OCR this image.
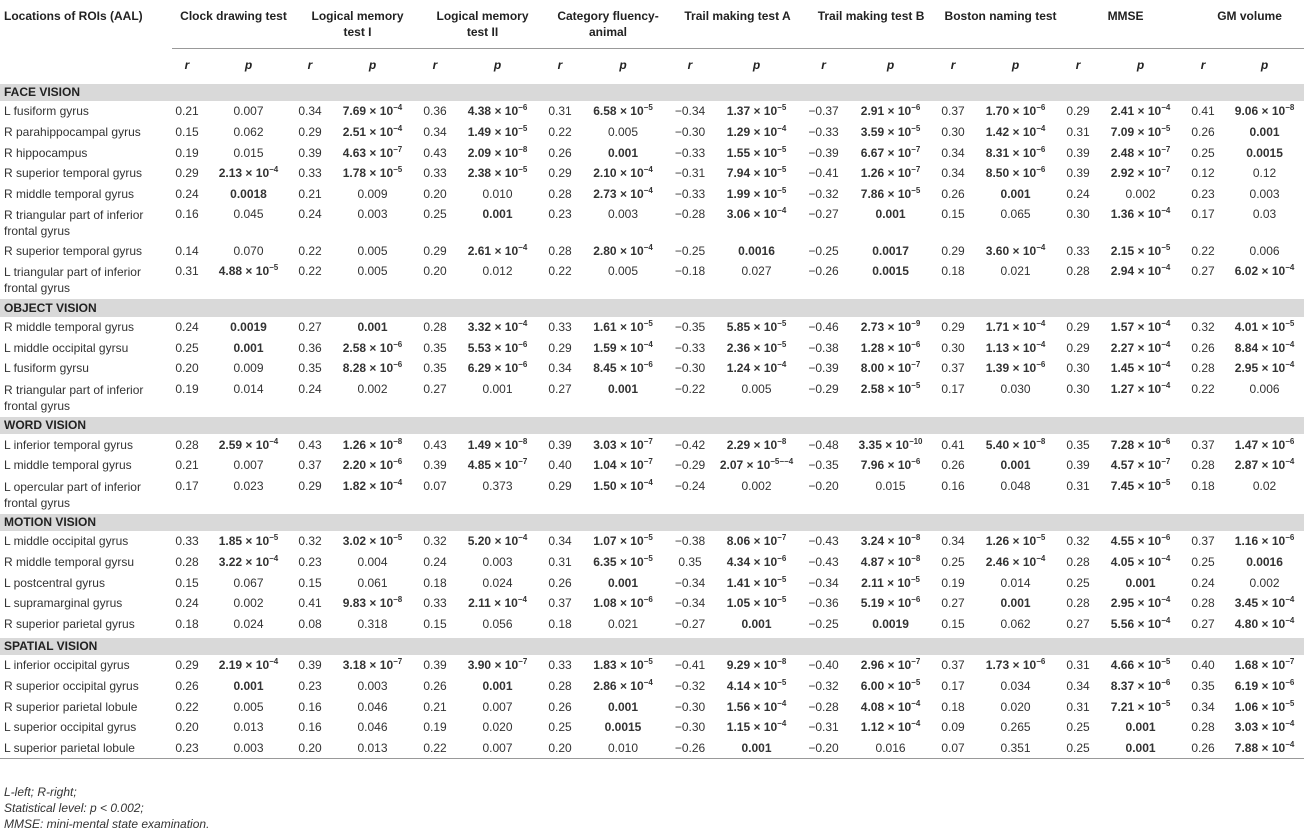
Locations of ROIs (AAL)	Clock drawing test		Logical memory test I		Logical memory test II		Category fluency-animal		Trail making test A		Trail making test B		Boston naming test		MMSE		GM volume	

	r	p	r	p	r	p	r	p	r	p	r	p	r	p	r	p	r	p
FACE VISION																		
L fusiform gyrus	0.21	0.007	0.34	$7.69 \times 10^{-4}$	0.36	$4.38 \times 10^{-6}$	0.31	$6.58 \times 10^{-5}$	−0.34	$1.37 \times 10^{-5}$	−0.37	$2.91 \times 10^{-6}$	0.37	$1.70 \times 10^{-6}$	0.29	$2.41 \times 10^{-4}$	0.41	$9.06 \times 10^{-8}$
R parahippocampal gyrus	0.15	0.062	0.29	$2.51 \times 10^{-4}$	0.34	$1.49 \times 10^{-5}$	0.22	0.005	−0.30	$1.29 \times 10^{-4}$	−0.33	$3.59 \times 10^{-5}$	0.30	$1.42 \times 10^{-4}$	0.31	$7.09 \times 10^{-5}$	0.26	0.001
R hippocampus	0.19	0.015	0.39	$4.63 \times 10^{-7}$	0.43	$2.09 \times 10^{-8}$	0.26	0.001	−0.33	$1.55 \times 10^{-5}$	−0.39	$6.67 \times 10^{-7}$	0.34	$8.31 \times 10^{-6}$	0.39	$2.48 \times 10^{-7}$	0.25	0.0015
R superior temporal gyrus	0.29	$2.13 \times 10^{-4}$	0.33	$1.78 \times 10^{-5}$	0.33	$2.38 \times 10^{-5}$	0.29	$2.10 \times 10^{-4}$	−0.31	$7.94 \times 10^{-5}$	−0.41	$1.26 \times 10^{-7}$	0.34	$8.50 \times 10^{-6}$	0.39	$2.92 \times 10^{-7}$	0.12	0.12
R middle temporal gyrus	0.24	0.0018	0.21	0.009	0.20	0.010	0.28	$2.73 \times 10^{-4}$	−0.33	$1.99 \times 10^{-5}$	−0.32	$7.86 \times 10^{-5}$	0.26	0.001	0.24	0.002	0.23	0.003
R triangular part of inferior frontal gyrus	0.16	0.045	0.24	0.003	0.25	0.001	0.23	0.003	−0.28	$3.06 \times 10^{-4}$	−0.27	0.001	0.15	0.065	0.30	$1.36 \times 10^{-4}$	0.17	0.03
R superior temporal gyrus	0.14	0.070	0.22	0.005	0.29	$2.61 \times 10^{-4}$	0.28	$2.80 \times 10^{-4}$	−0.25	0.0016	−0.25	0.0017	0.29	$3.60 \times 10^{-4}$	0.33	$2.15 \times 10^{-5}$	0.22	0.006
L triangular part of inferior frontal gyrus	0.31	$4.88 \times 10^{-5}$	0.22	0.005	0.20	0.012	0.22	0.005	−0.18	0.027	−0.26	0.0015	0.18	0.021	0.28	$2.94 \times 10^{-4}$	0.27	$6.02 \times 10^{-4}$
OBJECT VISION																		
R middle temporal gyrus	0.24	0.0019	0.27	0.001	0.28	$3.32 \times 10^{-4}$	0.33	$1.61 \times 10^{-5}$	−0.35	$5.85 \times 10^{-5}$	−0.46	$2.73 \times 10^{-9}$	0.29	$1.71 \times 10^{-4}$	0.29	$1.57 \times 10^{-4}$	0.32	$4.01 \times 10^{-5}$
L middle occipital gyrsu	0.25	0.001	0.36	$2.58 \times 10^{-6}$	0.35	$5.53 \times 10^{-6}$	0.29	$1.59 \times 10^{-4}$	−0.33	$2.36 \times 10^{-5}$	−0.38	$1.28 \times 10^{-6}$	0.30	$1.13 \times 10^{-4}$	0.29	$2.27 \times 10^{-4}$	0.26	$8.84 \times 10^{-4}$
L fusiform gyrsu	0.20	0.009	0.35	$8.28 \times 10^{-6}$	0.35	$6.29 \times 10^{-6}$	0.34	$8.45 \times 10^{-6}$	−0.30	$1.24 \times 10^{-4}$	−0.39	$8.00 \times 10^{-7}$	0.37	$1.39 \times 10^{-6}$	0.30	$1.45 \times 10^{-4}$	0.28	$2.95 \times 10^{-4}$
R triangular part of inferior frontal gyrus	0.19	0.014	0.24	0.002	0.27	0.001	0.27	0.001	−0.22	0.005	−0.29	$2.58 \times 10^{-5}$	0.17	0.030	0.30	$1.27 \times 10^{-4}$	0.22	0.006
WORD VISION																		
L inferior temporal gyrus	0.28	$2.59 \times 10^{-4}$	0.43	$1.26 \times 10^{-8}$	0.43	$1.49 \times 10^{-8}$	0.39	$3.03 \times 10^{-7}$	−0.42	$2.29 \times 10^{-8}$	−0.48	$3.35 \times 10^{-10}$	0.41	$5.40 \times 10^{-8}$	0.35	$7.28 \times 10^{-6}$	0.37	$1.47 \times 10^{-6}$
L middle temporal gyrus	0.21	0.007	0.37	$2.20 \times 10^{-6}$	0.39	$4.85 \times 10^{-7}$	0.40	$1.04 \times 10^{-7}$	−0.29	$2.07 \times 10^{-5--4}$	−0.35	$7.96 \times 10^{-6}$	0.26	0.001	0.39	$4.57 \times 10^{-7}$	0.28	$2.87 \times 10^{-4}$
L opercular part of inferior frontal gyrus	0.17	0.023	0.29	$1.82 \times 10^{-4}$	0.07	0.373	0.29	$1.50 \times 10^{-4}$	−0.24	0.002	−0.20	0.015	0.16	0.048	0.31	$7.45 \times 10^{-5}$	0.18	0.02
MOTION VISION																		
L middle occipital gyrus	0.33	$1.85 \times 10^{-5}$	0.32	$3.02 \times 10^{-5}$	0.32	$5.20 \times 10^{-4}$	0.34	$1.07 \times 10^{-5}$	−0.38	$8.06 \times 10^{-7}$	−0.43	$3.24 \times 10^{-8}$	0.34	$1.26 \times 10^{-5}$	0.32	$4.55 \times 10^{-6}$	0.37	$1.16 \times 10^{-6}$
R middle temporal gyrsu	0.28	$3.22 \times 10^{-4}$	0.23	0.004	0.24	0.003	0.31	$6.35 \times 10^{-5}$	0.35	$4.34 \times 10^{-6}$	−0.43	$4.87 \times 10^{-8}$	0.25	$2.46 \times 10^{-4}$	0.28	$4.05 \times 10^{-4}$	0.25	0.0016
L postcentral gyrus	0.15	0.067	0.15	0.061	0.18	0.024	0.26	0.001	−0.34	$1.41 \times 10^{-5}$	−0.34	$2.11 \times 10^{-5}$	0.19	0.014	0.25	0.001	0.24	0.002
L supramarginal gyrus	0.24	0.002	0.41	$9.83 \times 10^{-8}$	0.33	$2.11 \times 10^{-4}$	0.37	$1.08 \times 10^{-6}$	−0.34	$1.05 \times 10^{-5}$	−0.36	$5.19 \times 10^{-6}$	0.27	0.001	0.28	$2.95 \times 10^{-4}$	0.28	$3.45 \times 10^{-4}$
R superior parietal gyrus	0.18	0.024	0.08	0.318	0.15	0.056	0.18	0.021	−0.27	0.001	−0.25	0.0019	0.15	0.062	0.27	$5.56 \times 10^{-4}$	0.27	$4.80 \times 10^{-4}$
SPATIAL VISION																		
L inferior occipital gyrus	0.29	$2.19 \times 10^{-4}$	0.39	$3.18 \times 10^{-7}$	0.39	$3.90 \times 10^{-7}$	0.33	$1.83 \times 10^{-5}$	−0.41	$9.29 \times 10^{-8}$	−0.40	$2.96 \times 10^{-7}$	0.37	$1.73 \times 10^{-6}$	0.31	$4.66 \times 10^{-5}$	0.40	$1.68 \times 10^{-7}$
R superior occipital gyrus	0.26	0.001	0.23	0.003	0.26	0.001	0.28	$2.86 \times 10^{-4}$	−0.32	$4.14 \times 10^{-5}$	−0.32	$6.00 \times 10^{-5}$	0.17	0.034	0.34	$8.37 \times 10^{-6}$	0.35	$6.19 \times 10^{-6}$
R superior parietal lobule	0.22	0.005	0.16	0.046	0.21	0.007	0.26	0.001	−0.30	$1.56 \times 10^{-4}$	−0.28	$4.08 \times 10^{-4}$	0.18	0.020	0.31	$7.21 \times 10^{-5}$	0.34	$1.06 \times 10^{-5}$
L superior occipital gyrus	0.20	0.013	0.16	0.046	0.19	0.020	0.25	0.0015	−0.30	$1.15 \times 10^{-4}$	−0.31	$1.12 \times 10^{-4}$	0.09	0.265	0.25	0.001	0.28	$3.03 \times 10^{-4}$
L superior parietal lobule	0.23	0.003	0.20	0.013	0.22	0.007	0.20	0.010	−0.26	0.001	−0.20	0.016	0.07	0.351	0.25	0.001	0.26	$7.88 \times 10^{-4}$
L-left; R-right;
Statistical level: p < 0.002;
MMSE: mini-mental state examination.
